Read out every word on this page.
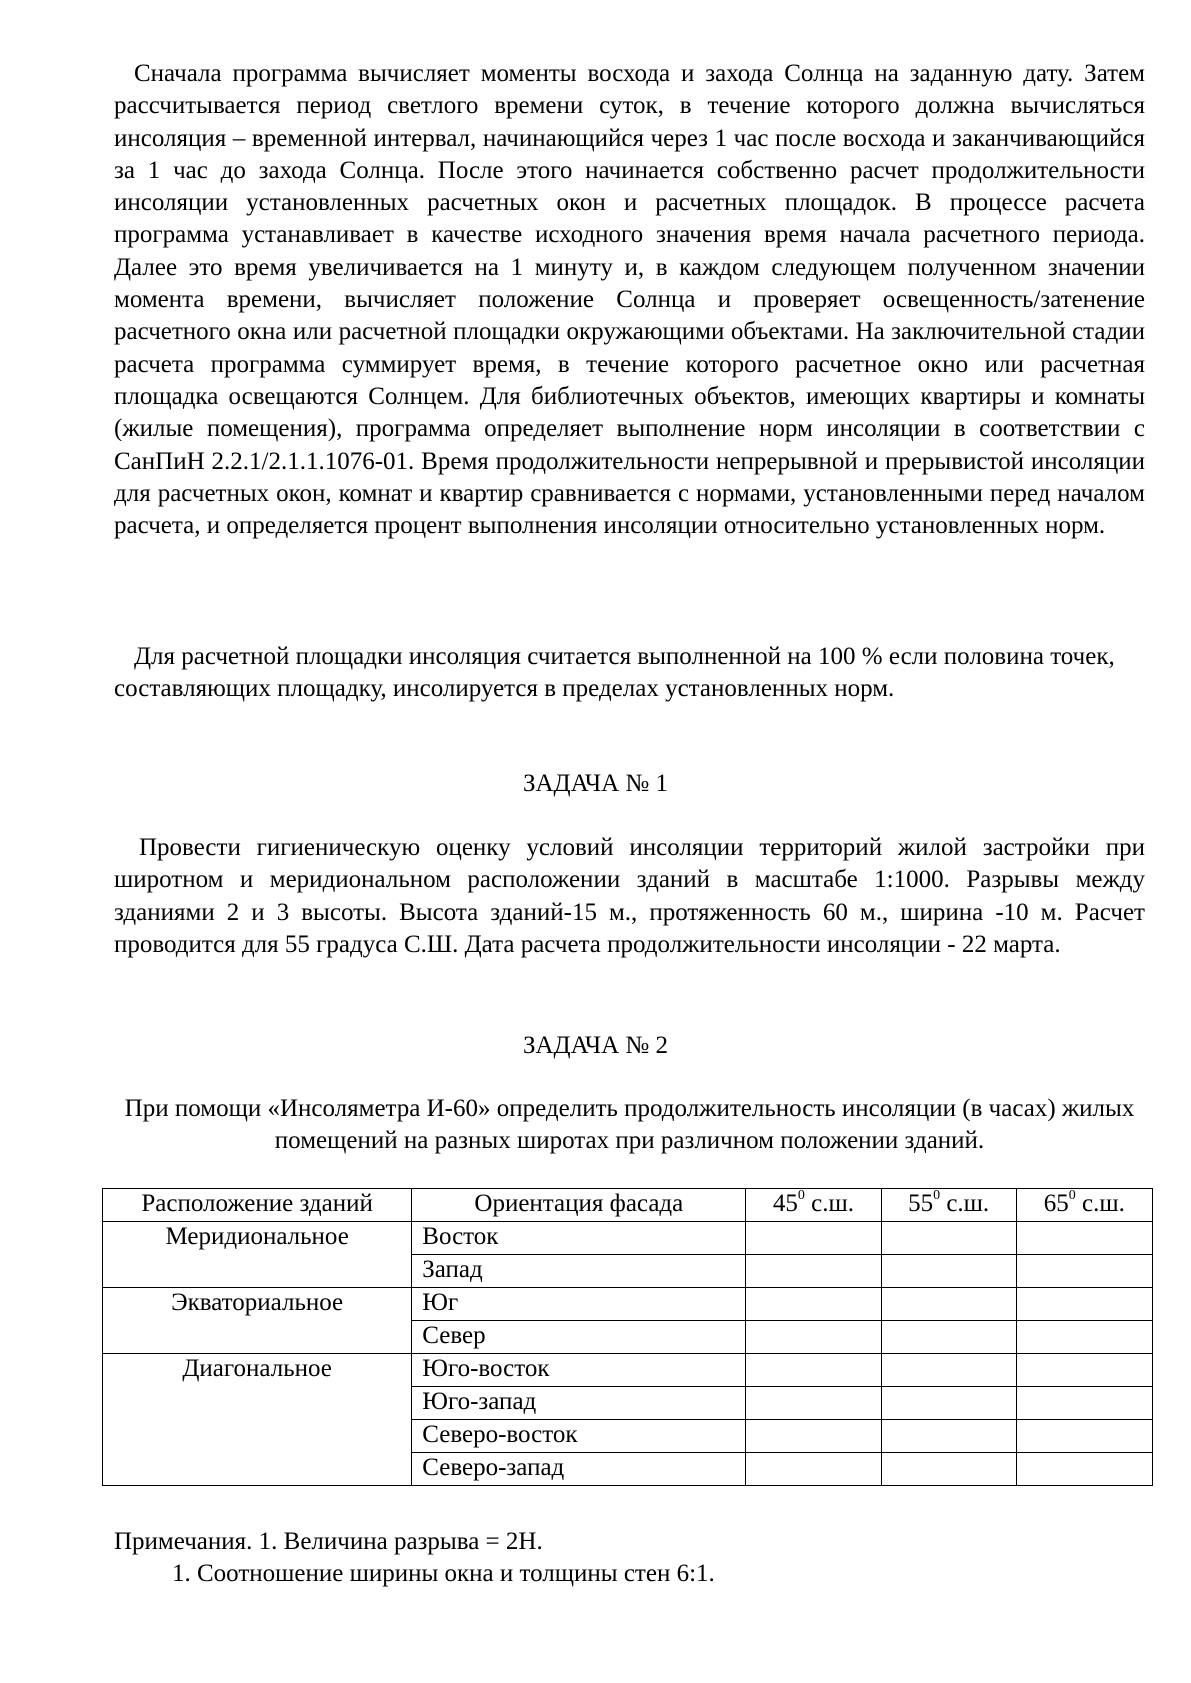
Сначала программа вычисляет моменты восхода и захода Солнца на заданную дату. Затем рассчитывается период светлого времени суток, в течение которого должна вычисляться инсоляция – временной интервал, начинающийся через 1 час после восхода и заканчивающийся за 1 час до захода Солнца. После этого начинается собственно расчет продолжительности инсоляции установленных расчетных окон и расчетных площадок. В процессе расчета программа устанавливает в качестве исходного значения время начала расчетного периода. Далее это время увеличивается на 1 минуту и, в каждом следующем полученном значении момента времени, вычисляет положение Солнца и проверяет освещенность/затенение расчетного окна или расчетной площадки окружающими объектами. На заключительной стадии расчета программа суммирует время, в течение которого расчетное окно или расчетная площадка освещаются Солнцем. Для библиотечных объектов, имеющих квартиры и комнаты (жилые помещения), программа определяет выполнение норм инсоляции в соответствии с СанПиН 2.2.1/2.1.1.1076-01. Время продолжительности непрерывной и прерывистой инсоляции для расчетных окон, комнат и квартир сравнивается с нормами, установленными перед началом расчета, и определяется процент выполнения инсоляции относительно установленных норм.

Для расчетной площадки инсоляция считается выполненной на 100 % если половина точек, составляющих площадку, инсолируется в пределах установленных норм.

ЗАДАЧА № 1

Провести гигиеническую оценку условий инсоляции территорий жилой застройки при широтном и меридиональном расположении зданий в масштабе 1:1000. Разрывы между зданиями 2 и 3 высоты. Высота зданий-15 м., протяженность 60 м., ширина -10 м. Расчет проводится для 55 градуса С.Ш. Дата расчета продолжительности инсоляции - 22 марта.

ЗАДАЧА № 2

При помощи «Инсоляметра И-60» определить продолжительность инсоляции (в часах) жилых помещений на разных широтах при различном положении зданий.

Расположение зданий	Ориентация фасада	$45^0$ с.ш.	$55^0$ с.ш.	$65^0$ с.ш.
Меридиональное	Восток			
	Запад			
Экваториальное	Юг			
	Север			
Диагональное	Юго-восток			
	Юго-запад			
	Северо-восток			
	Северо-запад			

Примечания. 1. Величина разрыва = 2Н.

1. Соотношение ширины окна и толщины стен 6:1.
